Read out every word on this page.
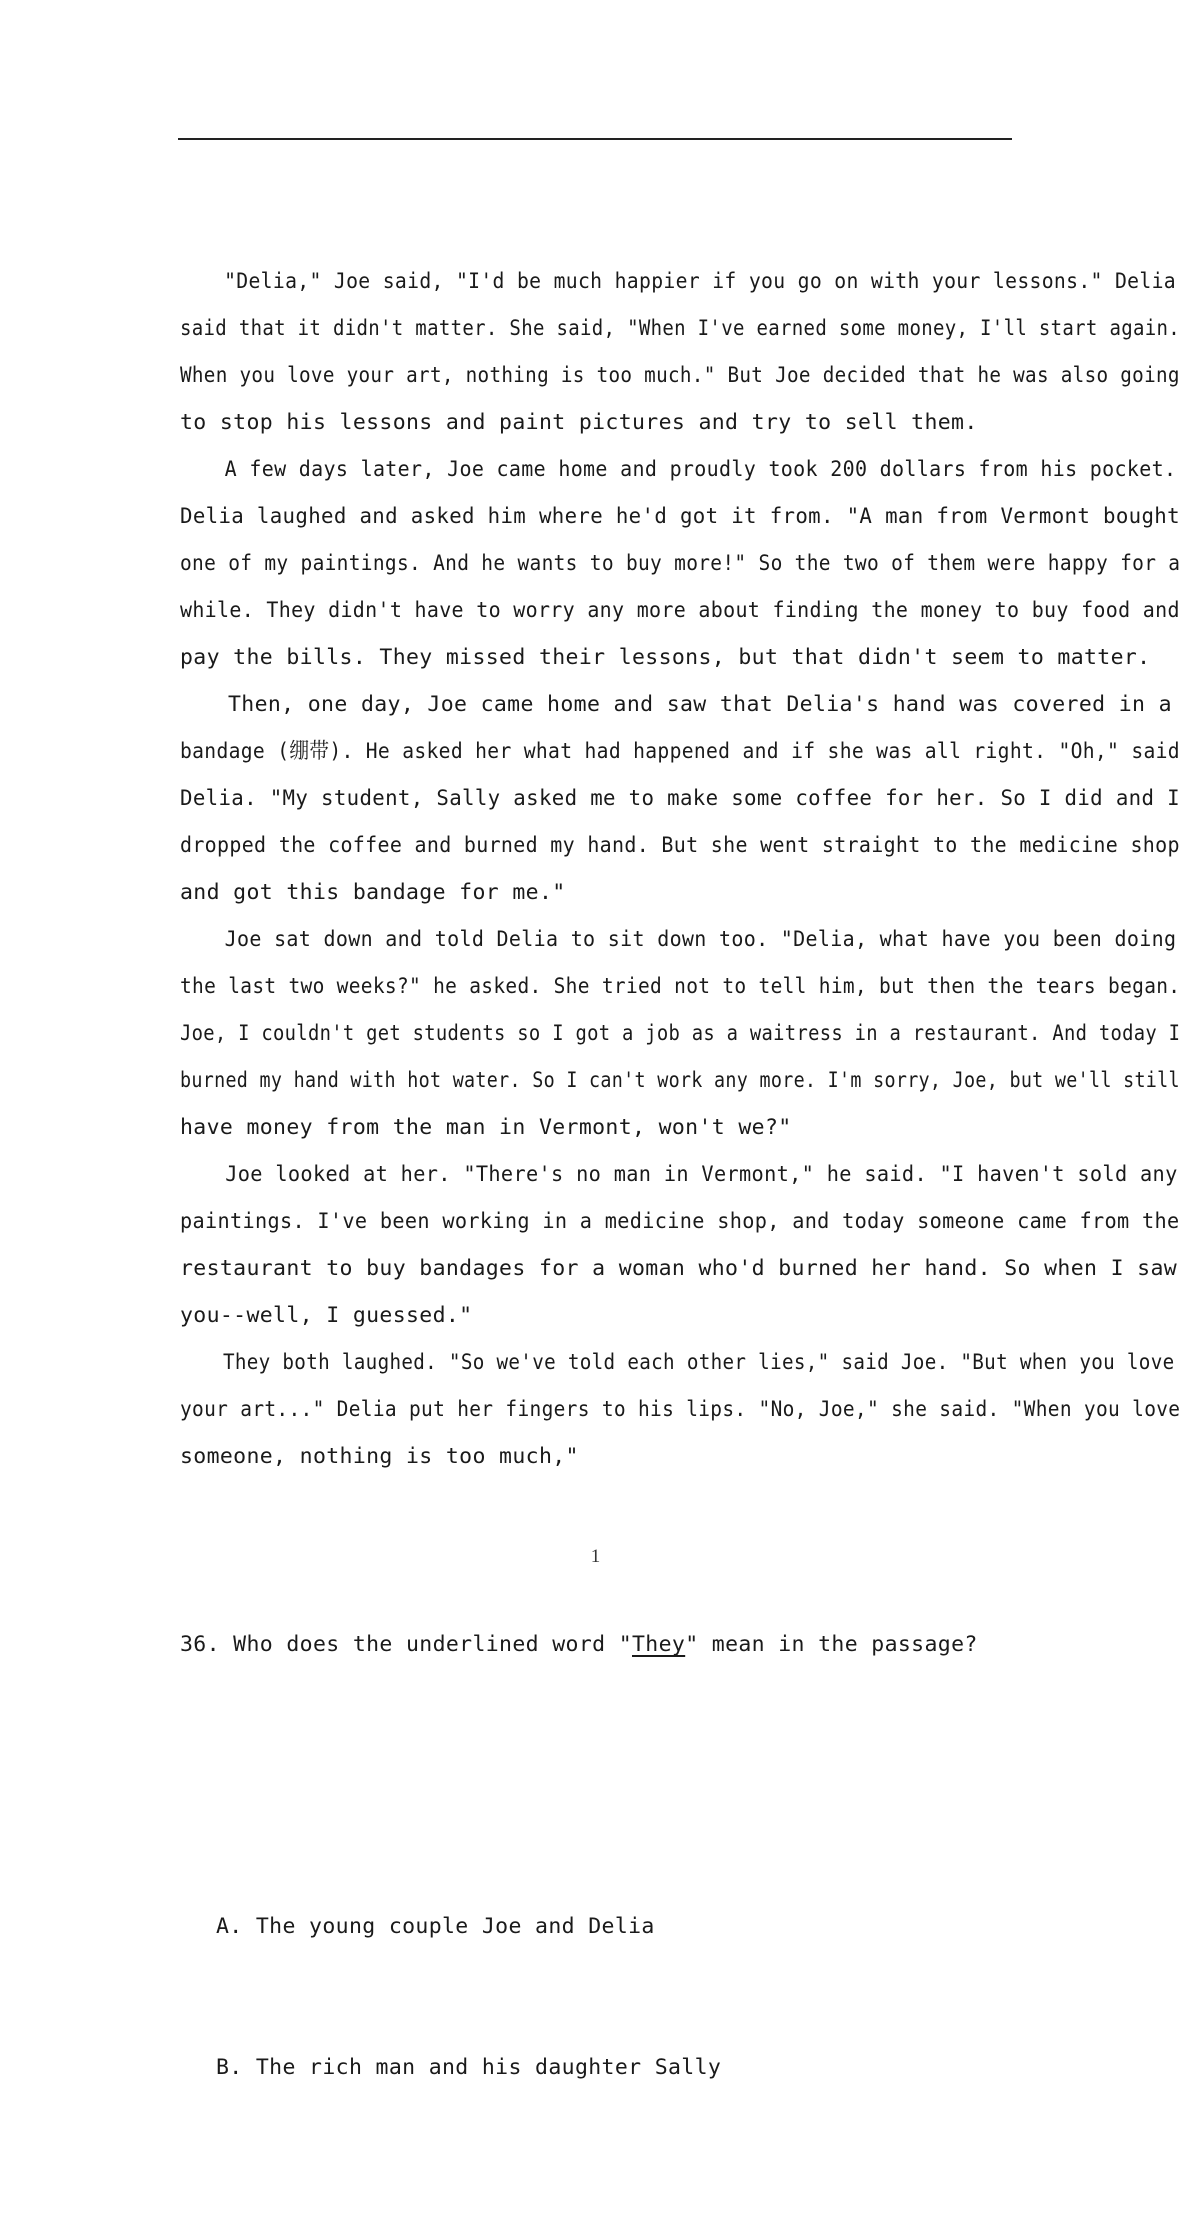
"Delia," Joe said, "I'd be much happier if you go on with your lessons." Delia
said that it didn't matter. She said, "When I've earned some money, I'll start again.
When you love your art, nothing is too much." But Joe decided that he was also going
to stop his lessons and paint pictures and try to sell them.
A few days later, Joe came home and proudly took 200 dollars from his pocket.
Delia laughed and asked him where he'd got it from. "A man from Vermont bought
one of my paintings. And he wants to buy more!" So the two of them were happy for a
while. They didn't have to worry any more about finding the money to buy food and
pay the bills. They missed their lessons, but that didn't seem to matter.
Then, one day, Joe came home and saw that Delia's hand was covered in a
bandage (绷带). He asked her what had happened and if she was all right. "Oh," said
Delia. "My student, Sally asked me to make some coffee for her. So I did and I
dropped the coffee and burned my hand. But she went straight to the medicine shop
and got this bandage for me."
Joe sat down and told Delia to sit down too. "Delia, what have you been doing
the last two weeks?" he asked. She tried not to tell him, but then the tears began.
Joe, I couldn't get students so I got a job as a waitress in a restaurant. And today I
burned my hand with hot water. So I can't work any more. I'm sorry, Joe, but we'll still
have money from the man in Vermont, won't we?"
Joe looked at her. "There's no man in Vermont," he said. "I haven't sold any
paintings. I've been working in a medicine shop, and today someone came from the
restaurant to buy bandages for a woman who'd burned her hand. So when I saw
you--well, I guessed."
They both laughed. "So we've told each other lies," said Joe. "But when you love
your art..." Delia put her fingers to his lips. "No, Joe," she said. "When you love
someone, nothing is too much,"

36. Who does the underlined word "They" mean in the passage?

A. The young couple Joe and Delia

B. The rich man and his daughter Sally

1
